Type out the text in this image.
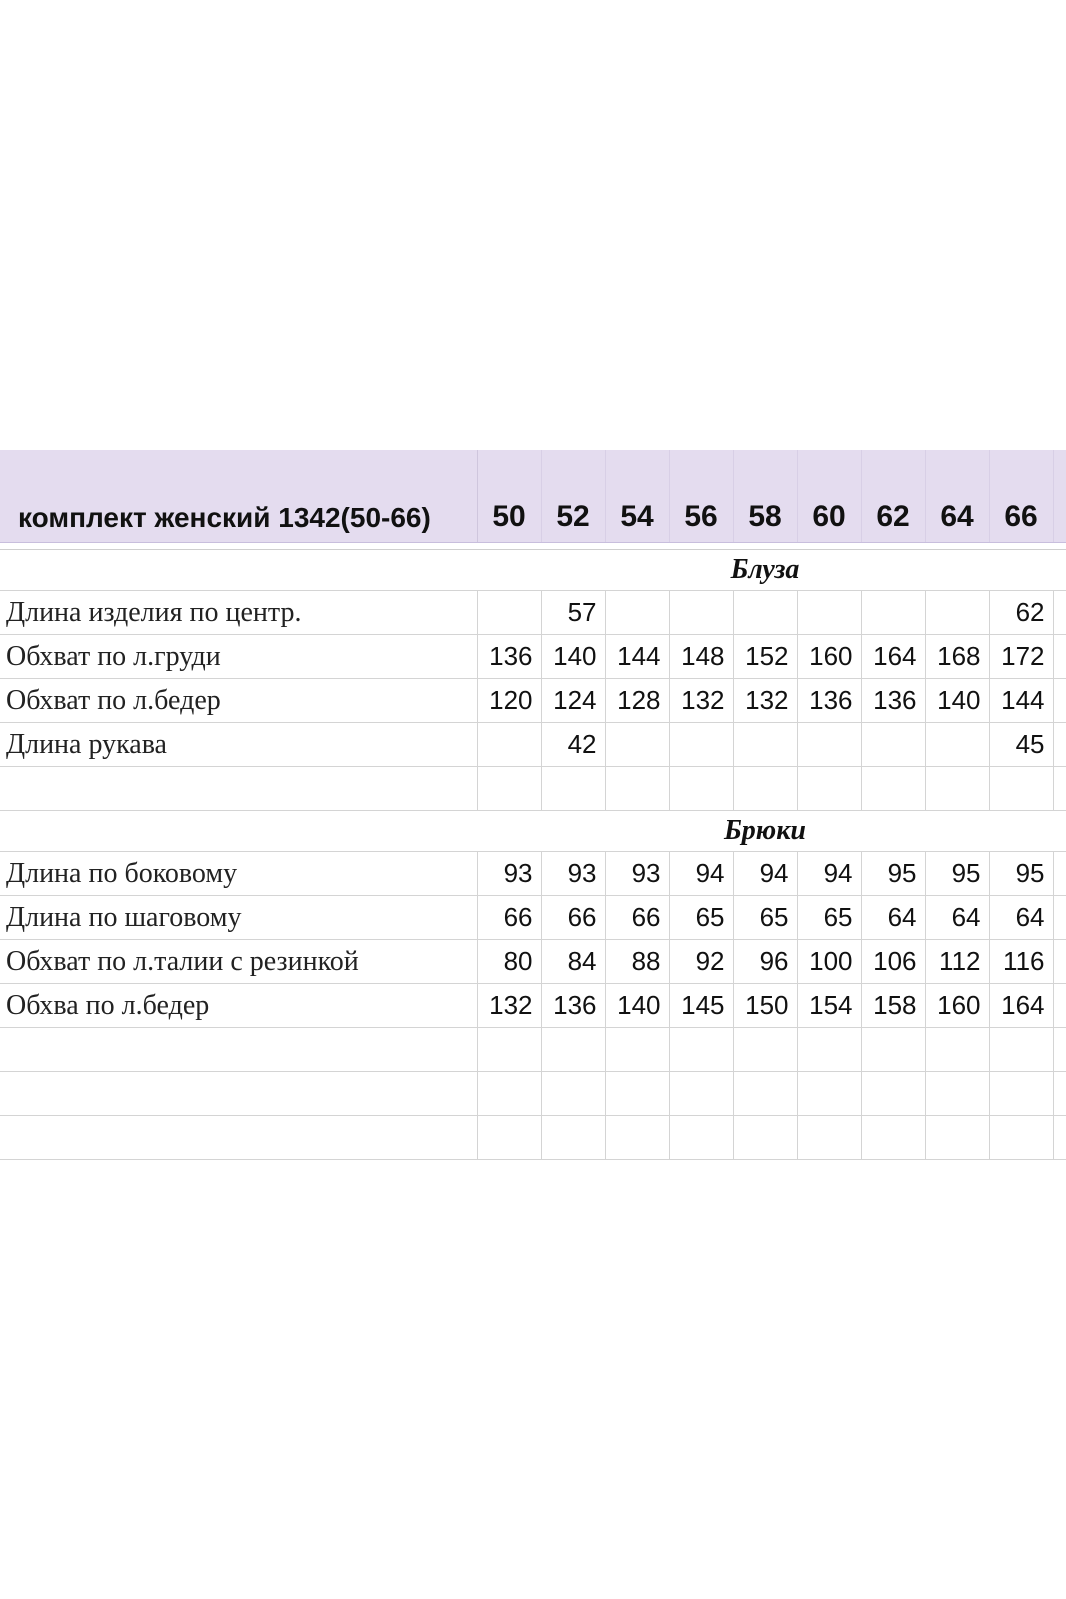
комплект женский 1342(50-66)	50	52	54	56	58	60	62	64	66	

	Блуза									
Длина изделия по центр.		57							62	
Обхват по л.груди	136	140	144	148	152	160	164	168	172	
Обхват по л.бедер	120	124	128	132	132	136	136	140	144	
Длина рукава		42							45	

	Брюки									
Длина по боковому	93	93	93	94	94	94	95	95	95	
Длина по шаговому	66	66	66	65	65	65	64	64	64	
Обхват по л.талии с резинкой	80	84	88	92	96	100	106	112	116	
Обхва по л.бедер	132	136	140	145	150	154	158	160	164	
